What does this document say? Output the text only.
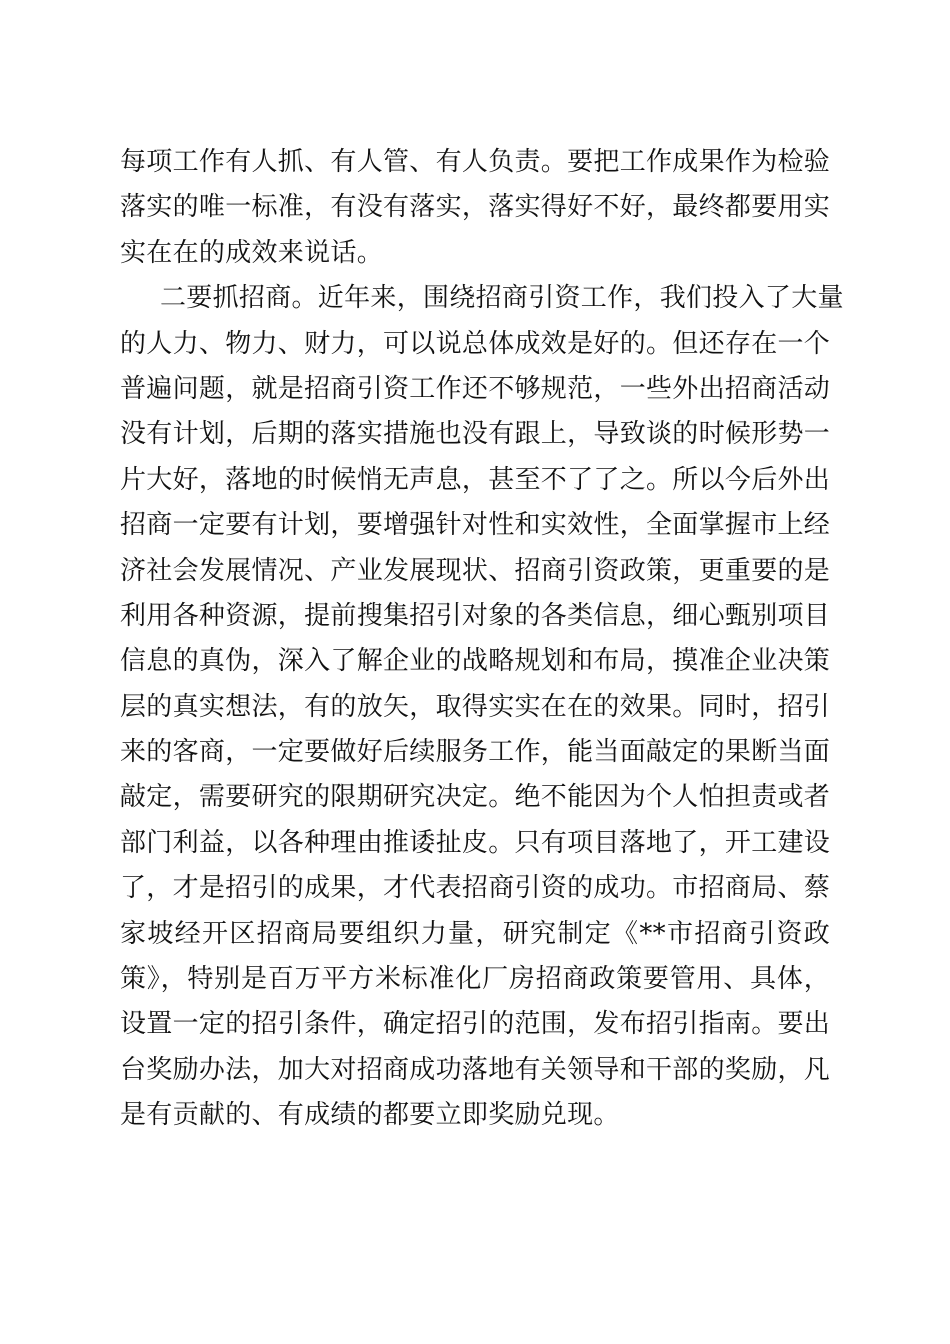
每项工作有人抓、有人管、有人负责。要把工作成果作为检验
落实的唯一标准，有没有落实，落实得好不好，最终都要用实
实在在的成效来说话。
二要抓招商。近年来，围绕招商引资工作，我们投入了大量
的人力、物力、财力，可以说总体成效是好的。但还存在一个
普遍问题，就是招商引资工作还不够规范，一些外出招商活动
没有计划，后期的落实措施也没有跟上，导致谈的时候形势一
片大好，落地的时候悄无声息，甚至不了了之。所以今后外出
招商一定要有计划，要增强针对性和实效性，全面掌握市上经
济社会发展情况、产业发展现状、招商引资政策，更重要的是
利用各种资源，提前搜集招引对象的各类信息，细心甄别项目
信息的真伪，深入了解企业的战略规划和布局，摸准企业决策
层的真实想法，有的放矢，取得实实在在的效果。同时，招引
来的客商，一定要做好后续服务工作，能当面敲定的果断当面
敲定，需要研究的限期研究决定。绝不能因为个人怕担责或者
部门利益，以各种理由推诿扯皮。只有项目落地了，开工建设
了，才是招引的成果，才代表招商引资的成功。市招商局、蔡
家坡经开区招商局要组织力量，研究制定《**市招商引资政
策》，特别是百万平方米标准化厂房招商政策要管用、具体，
设置一定的招引条件，确定招引的范围，发布招引指南。要出
台奖励办法，加大对招商成功落地有关领导和干部的奖励，凡
是有贡献的、有成绩的都要立即奖励兑现。
